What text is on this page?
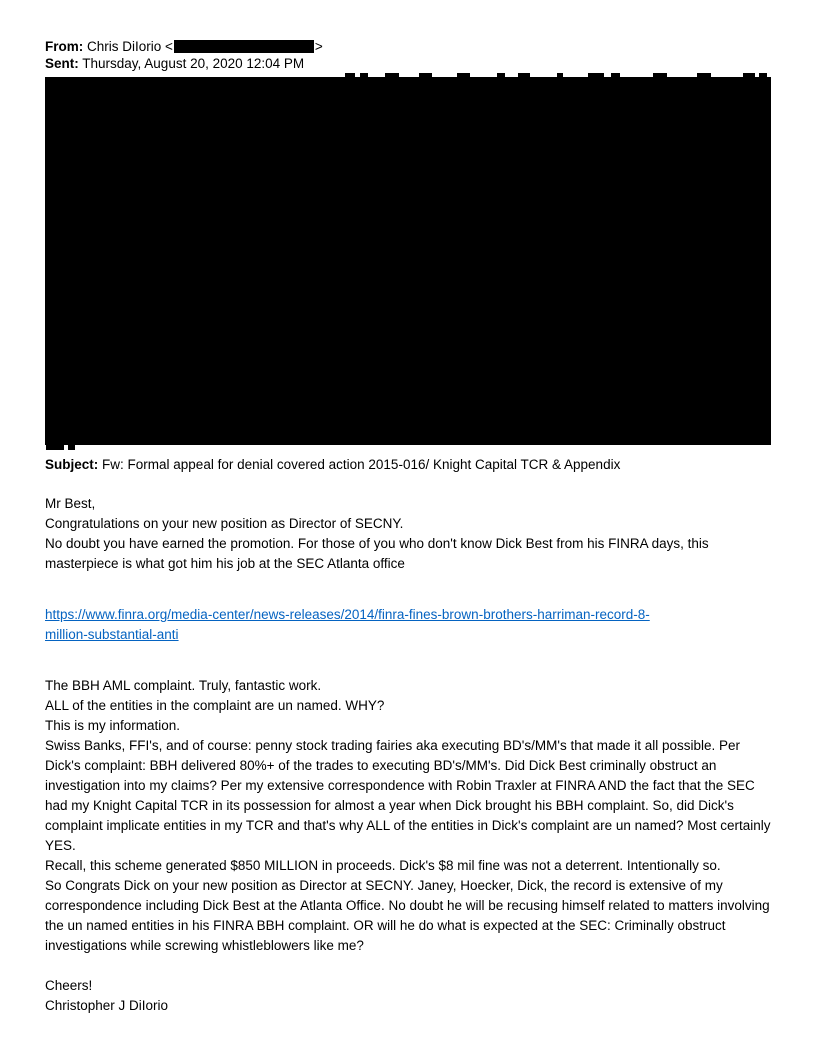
From: Chris DiIorio <	>
Sent: Thursday, August 20, 2020 12:04 PM
Subject: Fw: Formal appeal for denial covered action 2015-016/ Knight Capital TCR & Appendix

Mr Best,

Congratulations on your new position as Director of SECNY.

No doubt you have earned the promotion. For those of you who don't know Dick Best from his FINRA days, this masterpiece is what got him his job at the SEC Atlanta office

https://www.finra.org/media-center/news-releases/2014/finra-fines-brown-brothers-harriman-record-8-
million-substantial-anti

The BBH AML complaint. Truly, fantastic work.

ALL of the entities in the complaint are un named. WHY?

This is my information.

Swiss Banks, FFI's, and of course: penny stock trading fairies aka executing BD's/MM's that made it all possible. Per Dick's complaint: BBH delivered 80%+ of the trades to executing BD's/MM's. Did Dick Best criminally obstruct an investigation into my claims? Per my extensive correspondence with Robin Traxler at FINRA AND the fact that the SEC had my Knight Capital TCR in its possession for almost a year when Dick brought his BBH complaint. So, did Dick's complaint implicate entities in my TCR and that's why ALL of the entities in Dick's complaint are un named? Most certainly YES.

Recall, this scheme generated $850 MILLION in proceeds. Dick's $8 mil fine was not a deterrent. Intentionally so.

So Congrats Dick on your new position as Director at SECNY. Janey, Hoecker, Dick, the record is extensive of my correspondence including Dick Best at the Atlanta Office. No doubt he will be recusing himself related to matters involving the un named entities in his FINRA BBH complaint. OR will he do what is expected at the SEC: Criminally obstruct investigations while screwing whistleblowers like me?

Cheers!

Christopher J DiIorio
